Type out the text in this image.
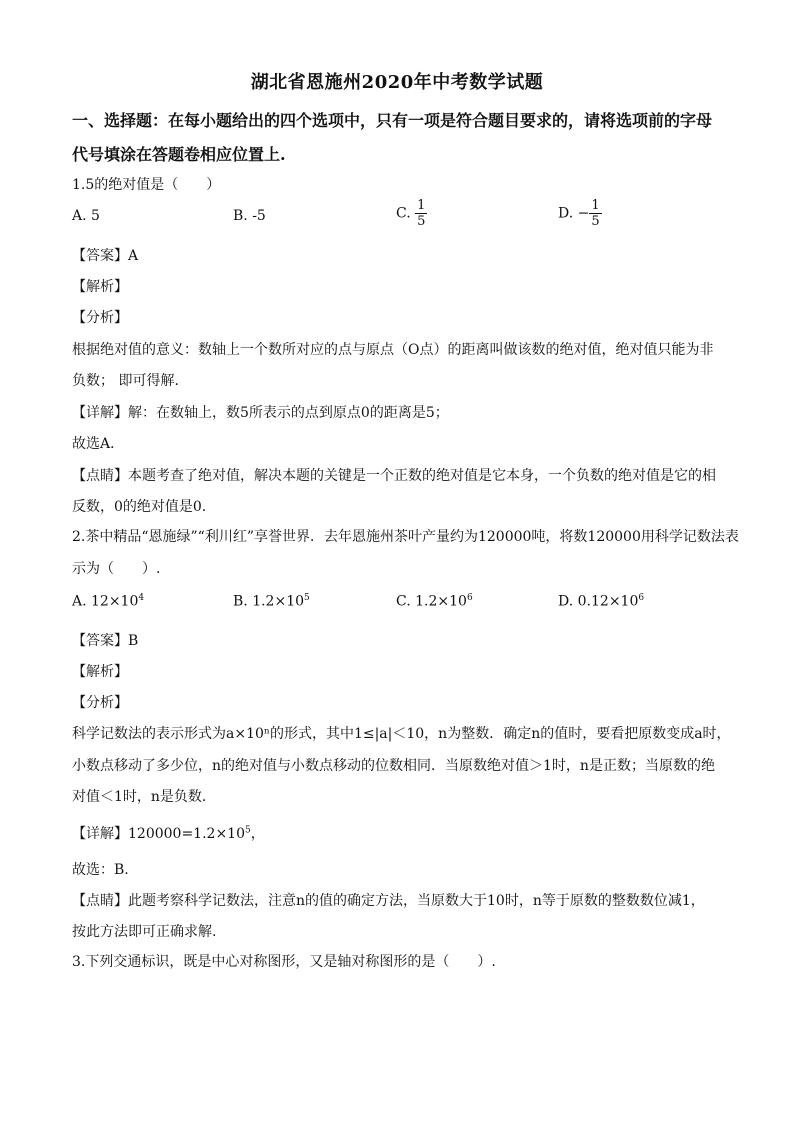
湖北省恩施州2020年中考数学试题
一、选择题：在每小题给出的四个选项中，只有一项是符合题目要求的，请将选项前的字母
代号填涂在答题卷相应位置上.
1.5的绝对值是（　　）
A. 5	B. -5	C. $\frac{1}{5}$	D. − $\frac{1}{5}$
【答案】A
【解析】
【分析】
根据绝对值的意义：数轴上一个数所对应的点与原点（O点）的距离叫做该数的绝对值，绝对值只能为非
负数； 即可得解．
【详解】解：在数轴上，数5所表示的点到原点0的距离是5；
故选A．
【点睛】本题考查了绝对值，解决本题的关键是一个正数的绝对值是它本身，一个负数的绝对值是它的相
反数，0的绝对值是0．
2.茶中精品“恩施绿”“利川红”享誉世界．去年恩施州茶叶产量约为120000吨，将数120000用科学记数法表
示为（　　）.
A. $12\times 10^4$	B. $1.2\times 10^5$	C. $1.2\times 10^6$	D. $0.12\times 10^6$
【答案】B
【解析】
【分析】
科学记数法的表示形式为a×10ⁿ的形式，其中1≤|a|＜10，n为整数．确定n的值时，要看把原数变成a时，
小数点移动了多少位，n的绝对值与小数点移动的位数相同．当原数绝对值＞1时，n是正数；当原数的绝
对值＜1时，n是负数．
【详解】$120000=1.2\times 10^5$，
故选：B.
【点睛】此题考察科学记数法，注意n的值的确定方法，当原数大于10时，n等于原数的整数数位减1，
按此方法即可正确求解.
3.下列交通标识，既是中心对称图形，又是轴对称图形的是（　　）.
